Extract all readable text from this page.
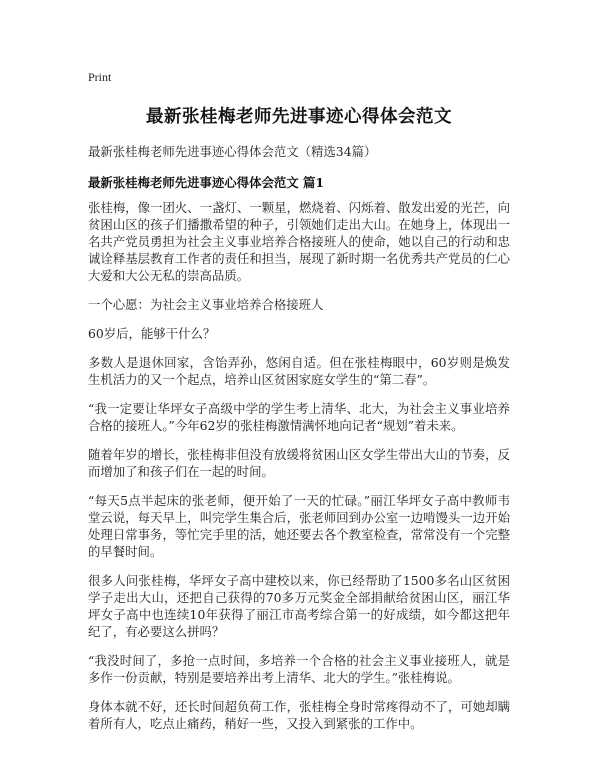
Print
最新张桂梅老师先进事迹心得体会范文
最新张桂梅老师先进事迹心得体会范文（精选34篇）
最新张桂梅老师先进事迹心得体会范文 篇1

张桂梅，像一团火、一盏灯、一颗星，燃烧着、闪烁着、散发出爱的光芒，向贫困山区的孩子们播撒希望的种子，引领她们走出大山。在她身上，体现出一名共产党员勇担为社会主义事业培养合格接班人的使命，她以自己的行动和忠诚诠释基层教育工作者的责任和担当，展现了新时期一名优秀共产党员的仁心大爱和大公无私的崇高品质。

一个心愿：为社会主义事业培养合格接班人

60岁后，能够干什么？

多数人是退休回家，含饴弄孙，悠闲自适。但在张桂梅眼中，60岁则是焕发生机活力的又一个起点，培养山区贫困家庭女学生的“第二春”。

“我一定要让华坪女子高级中学的学生考上清华、北大，为社会主义事业培养合格的接班人。”今年62岁的张桂梅激情满怀地向记者“规划”着未来。

随着年岁的增长，张桂梅非但没有放缓将贫困山区女学生带出大山的节奏，反而增加了和孩子们在一起的时间。

“每天5点半起床的张老师，便开始了一天的忙碌。”丽江华坪女子高中教师韦堂云说，每天早上，叫完学生集合后，张老师回到办公室一边啃馒头一边开始处理日常事务，等忙完手里的活，她还要去各个教室检查，常常没有一个完整的早餐时间。

很多人问张桂梅，华坪女子高中建校以来，你已经帮助了1500多名山区贫困学子走出大山，还把自己获得的70多万元奖金全部捐献给贫困山区，丽江华坪女子高中也连续10年获得了丽江市高考综合第一的好成绩，如今都这把年纪了，有必要这么拼吗？

“我没时间了，多抢一点时间，多培养一个合格的社会主义事业接班人，就是多作一份贡献，特别是要培养出考上清华、北大的学生。”张桂梅说。

身体本就不好，还长时间超负荷工作，张桂梅全身时常疼得动不了，可她却瞒着所有人，吃点止痛药，稍好一些，又投入到紧张的工作中。
